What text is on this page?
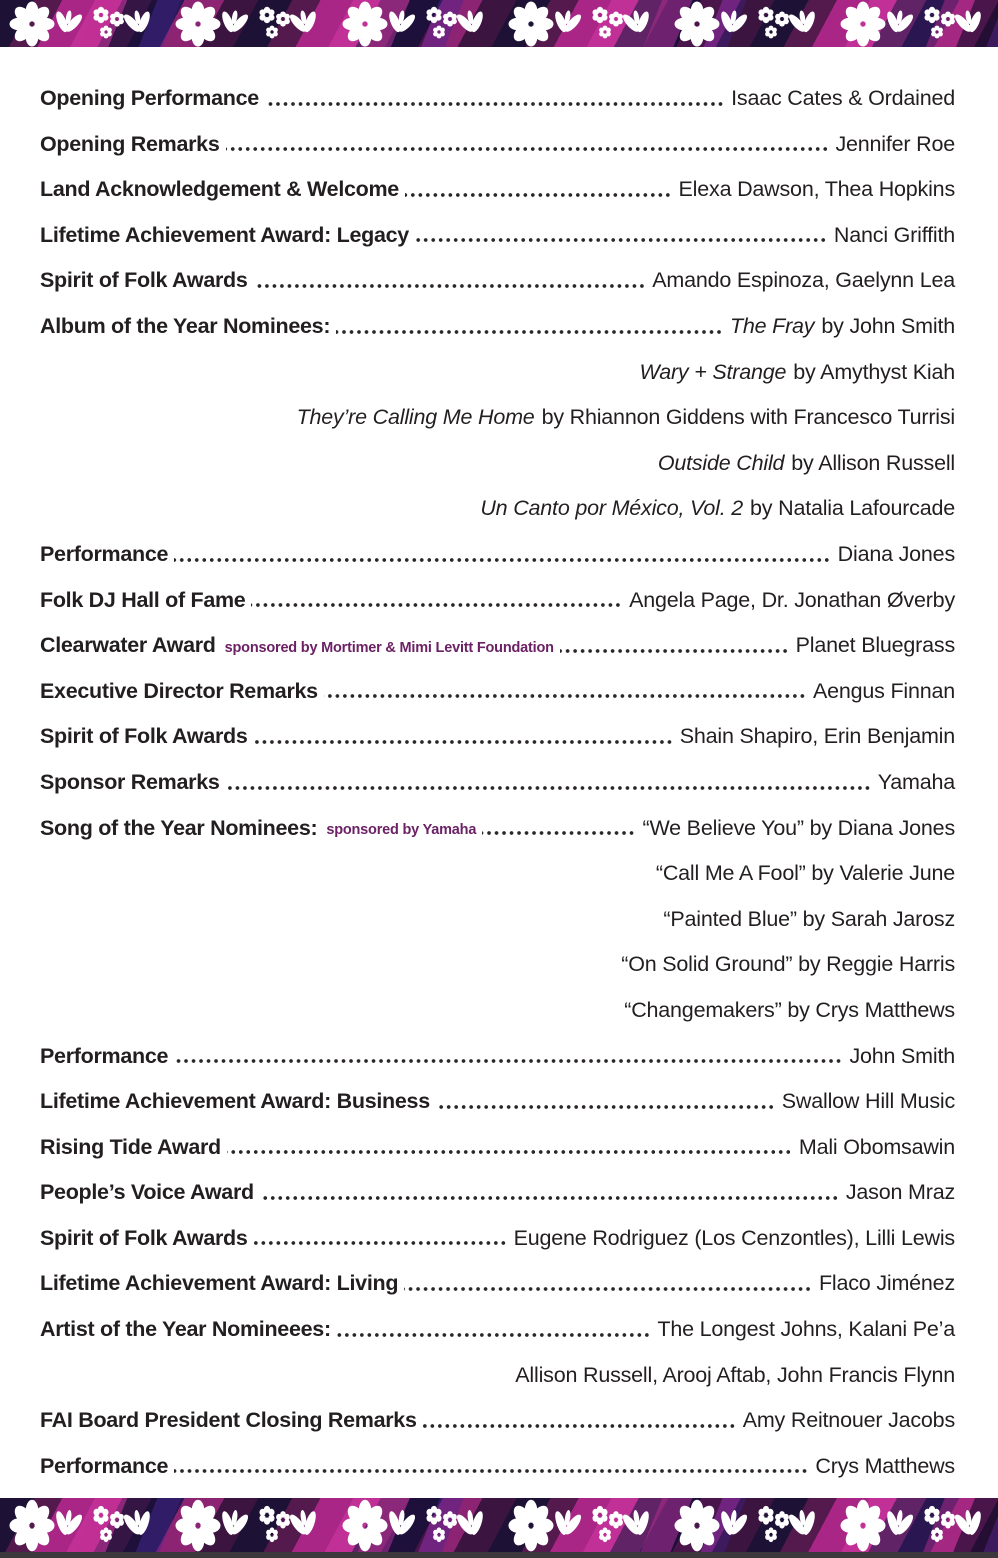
Opening Performance	Isaac Cates & Ordained
Opening Remarks	Jennifer Roe
Land Acknowledgement & Welcome	Elexa Dawson, Thea Hopkins
Lifetime Achievement Award: Legacy	Nanci Griffith
Spirit of Folk Awards	Amando Espinoza, Gaelynn Lea
Album of the Year Nominees:	The Fray by John Smith
Wary + Strange by Amythyst Kiah
They’re Calling Me Home by Rhiannon Giddens with Francesco Turrisi
Outside Child by Allison Russell
Un Canto por México, Vol. 2 by Natalia Lafourcade
Performance	Diana Jones
Folk DJ Hall of Fame	Angela Page, Dr. Jonathan Øverby
Clearwater Award sponsored by Mortimer & Mimi Levitt Foundation	Planet Bluegrass
Executive Director Remarks	Aengus Finnan
Spirit of Folk Awards	Shain Shapiro, Erin Benjamin
Sponsor Remarks	Yamaha
Song of the Year Nominees: sponsored by Yamaha	“We Believe You” by Diana Jones
“Call Me A Fool” by Valerie June
“Painted Blue” by Sarah Jarosz
“On Solid Ground” by Reggie Harris
“Changemakers” by Crys Matthews
Performance	John Smith
Lifetime Achievement Award: Business	Swallow Hill Music
Rising Tide Award	Mali Obomsawin
People’s Voice Award	Jason Mraz
Spirit of Folk Awards	Eugene Rodriguez (Los Cenzontles), Lilli Lewis
Lifetime Achievement Award: Living	Flaco Jiménez
Artist of the Year Nomineees:	The Longest Johns, Kalani Pe’a
Allison Russell, Arooj Aftab, John Francis Flynn
FAI Board President Closing Remarks	Amy Reitnouer Jacobs
Performance	Crys Matthews
